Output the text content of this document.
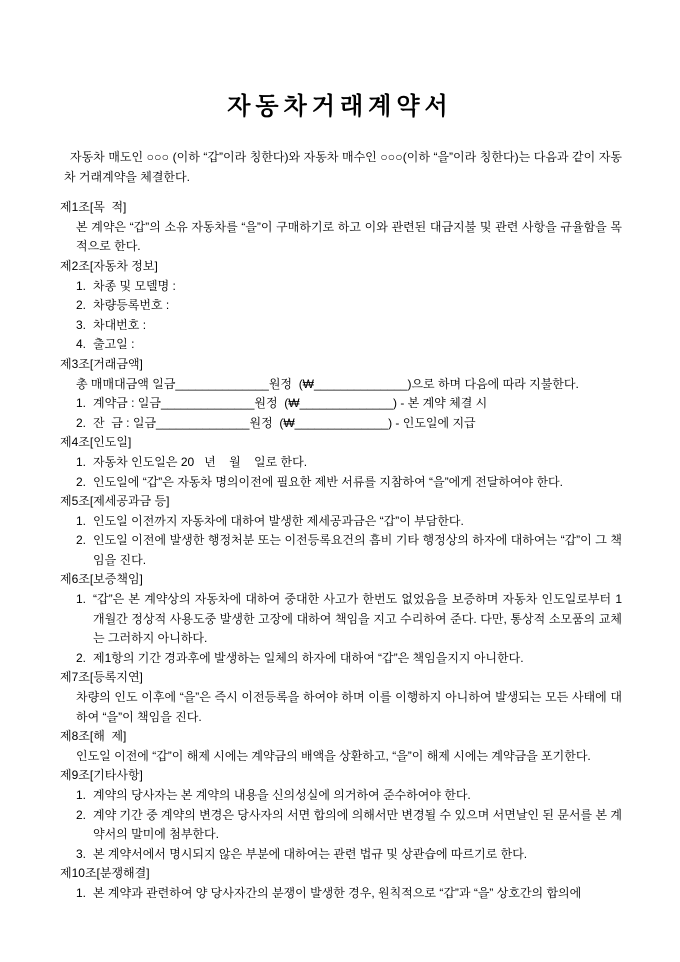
자동차거래계약서
자동차 매도인 ○○○ (이하 “갑”이라 칭한다)와 자동차 매수인 ○○○(이하 “을”이라 칭한다)는 다음과 같이 자동차 거래계약을 체결한다.
제1조[목  적]
본 계약은 “갑”의 소유 자동차를 “을”이 구매하기로 하고 이와 관련된 대금지불 및 관련 사항을 규율함을 목적으로 한다.
제2조[자동차 정보]
1. 차종 및 모델명 :
2. 차량등록번호 :
3. 차대번호 :
4. 출고일 :
제3조[거래금액]
총 매매대금액 일금______________원정  (₩______________)으로 하며 다음에 따라 지불한다.
1. 계약금 : 일금______________원정  (₩______________) - 본 계약 체결 시
2. 잔  금 : 일금______________원정  (₩______________) - 인도일에 지급
제4조[인도일]
1. 자동차 인도일은 20   년    월    일로 한다.
2. 인도일에 “갑”은 자동차 명의이전에 필요한 제반 서류를 지참하여 “을”에게 전달하여야 한다.
제5조[제세공과금 등]
1. 인도일 이전까지 자동차에 대하여 발생한 제세공과금은 “갑”이 부담한다.
2. 인도일 이전에 발생한 행정처분 또는 이전등록요건의 흠비 기타 행정상의 하자에 대하여는 “갑”이 그 책임을 진다.
제6조[보증책임]
1. “갑”은 본 계약상의 자동차에 대하여 중대한 사고가 한번도 없었음을 보증하며 자동차 인도일로부터 1개월간 정상적 사용도중 발생한 고장에 대하여 책임을 지고 수리하여 준다. 다만, 통상적 소모품의 교체는 그러하지 아니하다.
2. 제1항의 기간 경과후에 발생하는 일체의 하자에 대하여 “갑”은 책임을지지 아니한다.
제7조[등록지연]
차량의 인도 이후에 “을”은 즉시 이전등록을 하여야 하며 이를 이행하지 아니하여 발생되는 모든 사태에 대하여 “을”이 책임을 진다.
제8조[해  제]
인도일 이전에 “갑”이 해제 시에는 계약금의 배액을 상환하고, “을”이 해제 시에는 계약금을 포기한다.
제9조[기타사항]
1. 계약의 당사자는 본 계약의 내용을 신의성실에 의거하여 준수하여야 한다.
2. 계약 기간 중 계약의 변경은 당사자의 서면 합의에 의해서만 변경될 수 있으며 서면날인 된 문서를 본 계약서의 말미에 첨부한다.
3. 본 계약서에서 명시되지 않은 부분에 대하여는 관련 법규 및 상관습에 따르기로 한다.
제10조[분쟁해결]
1. 본 계약과 관련하여 양 당사자간의 분쟁이 발생한 경우, 원칙적으로 “갑”과 “을” 상호간의 합의에
